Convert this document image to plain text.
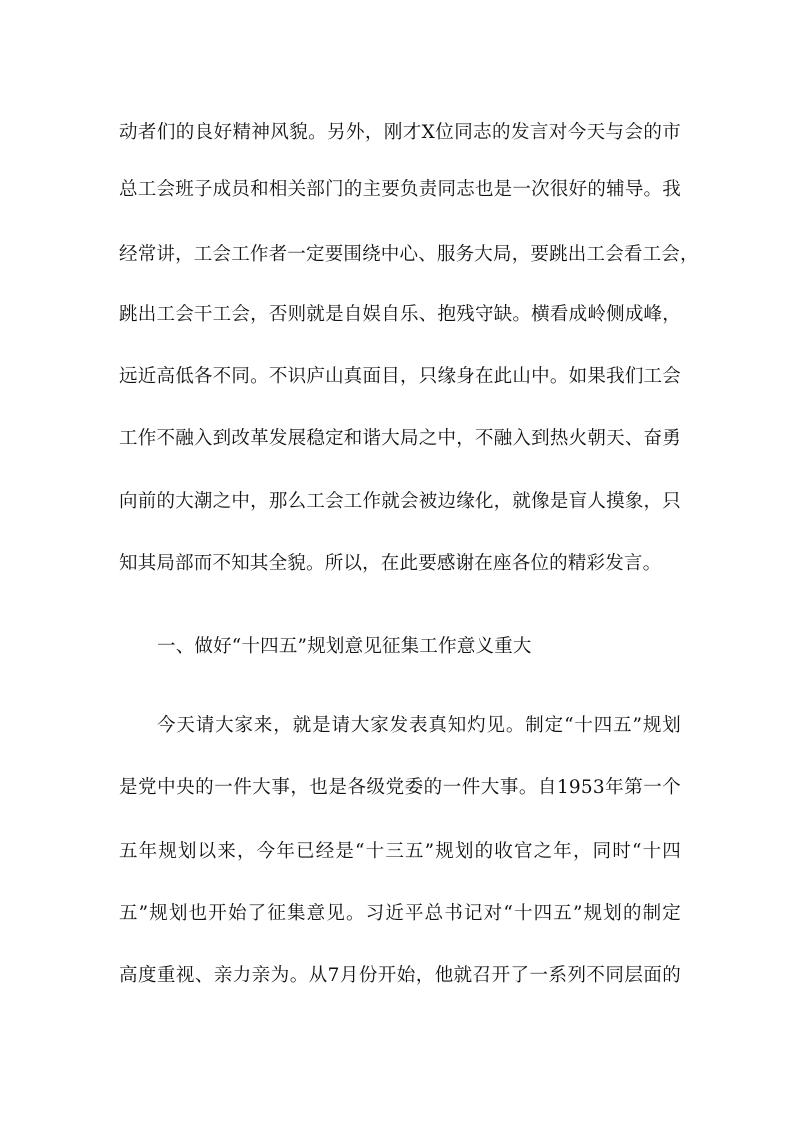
动者们的良好精神风貌。另外，刚才X位同志的发言对今天与会的市
总工会班子成员和相关部门的主要负责同志也是一次很好的辅导。我
经常讲，工会工作者一定要围绕中心、服务大局，要跳出工会看工会，
跳出工会干工会，否则就是自娱自乐、抱残守缺。横看成岭侧成峰，
远近高低各不同。不识庐山真面目，只缘身在此山中。如果我们工会
工作不融入到改革发展稳定和谐大局之中，不融入到热火朝天、奋勇
向前的大潮之中，那么工会工作就会被边缘化，就像是盲人摸象，只
知其局部而不知其全貌。所以，在此要感谢在座各位的精彩发言。
一、做好“十四五”规划意见征集工作意义重大
今天请大家来，就是请大家发表真知灼见。制定“十四五”规划
是党中央的一件大事，也是各级党委的一件大事。自1953年第一个
五年规划以来，今年已经是“十三五”规划的收官之年，同时“十四
五”规划也开始了征集意见。习近平总书记对“十四五”规划的制定
高度重视、亲力亲为。从7月份开始，他就召开了一系列不同层面的
